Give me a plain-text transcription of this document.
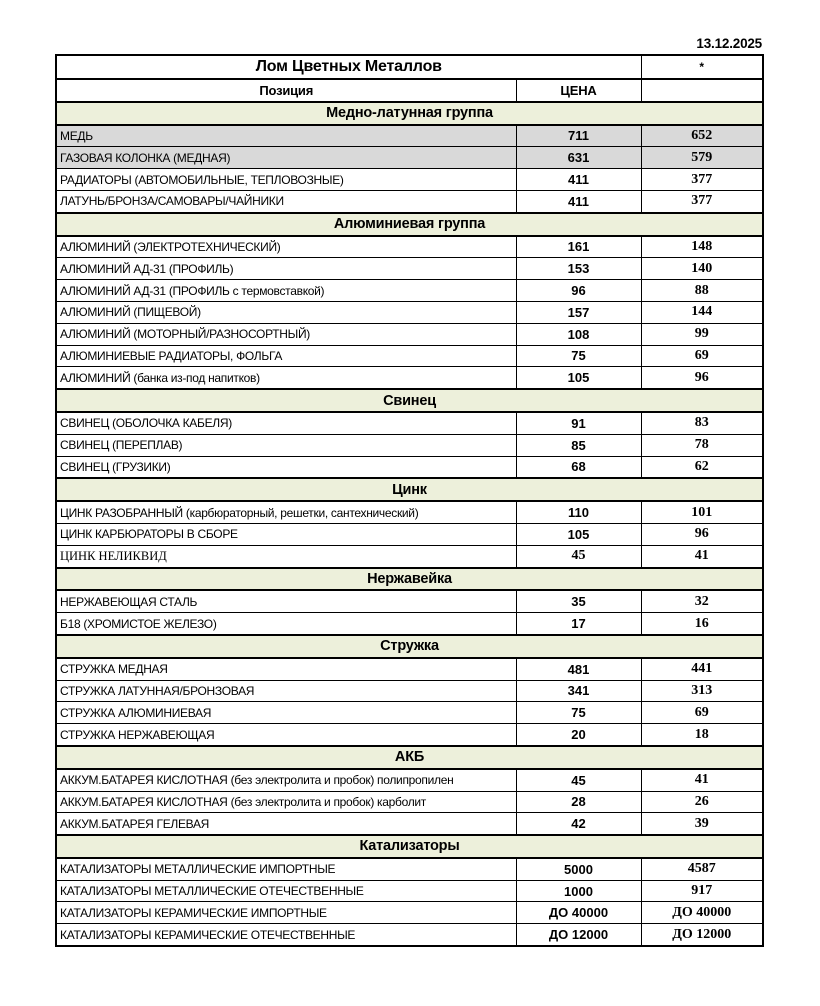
13.12.2025
Лом Цветных Металлов		*
Позиция	ЦЕНА	
Медно-латунная группа		
МЕДЬ	711	652
ГАЗОВАЯ КОЛОНКА (МЕДНАЯ)	631	579
РАДИАТОРЫ (АВТОМОБИЛЬНЫЕ, ТЕПЛОВОЗНЫЕ)	411	377
ЛАТУНЬ/БРОНЗА/САМОВАРЫ/ЧАЙНИКИ	411	377
Алюминиевая группа		
АЛЮМИНИЙ (ЭЛЕКТРОТЕХНИЧЕСКИЙ)	161	148
АЛЮМИНИЙ АД-31 (ПРОФИЛЬ)	153	140
АЛЮМИНИЙ АД-31 (ПРОФИЛЬ с термовставкой)	96	88
АЛЮМИНИЙ (ПИЩЕВОЙ)	157	144
АЛЮМИНИЙ (МОТОРНЫЙ/РАЗНОСОРТНЫЙ)	108	99
АЛЮМИНИЕВЫЕ РАДИАТОРЫ, ФОЛЬГА	75	69
АЛЮМИНИЙ (банка из-под напитков)	105	96
Свинец		
СВИНЕЦ (ОБОЛОЧКА КАБЕЛЯ)	91	83
СВИНЕЦ (ПЕРЕПЛАВ)	85	78
СВИНЕЦ (ГРУЗИКИ)	68	62
Цинк		
ЦИНК РАЗОБРАННЫЙ (карбюраторный, решетки, сантехнический)	110	101
ЦИНК КАРБЮРАТОРЫ В СБОРЕ	105	96
ЦИНК НЕЛИКВИД	45	41
Нержавейка		
НЕРЖАВЕЮЩАЯ СТАЛЬ	35	32
Б18 (ХРОМИСТОЕ ЖЕЛЕЗО)	17	16
Стружка		
СТРУЖКА МЕДНАЯ	481	441
СТРУЖКА ЛАТУННАЯ/БРОНЗОВАЯ	341	313
СТРУЖКА АЛЮМИНИЕВАЯ	75	69
СТРУЖКА НЕРЖАВЕЮЩАЯ	20	18
АКБ		
АККУМ.БАТАРЕЯ КИСЛОТНАЯ (без электролита и пробок) полипропилен	45	41
АККУМ.БАТАРЕЯ КИСЛОТНАЯ (без электролита и пробок) карболит	28	26
АККУМ.БАТАРЕЯ ГЕЛЕВАЯ	42	39
Катализаторы		
КАТАЛИЗАТОРЫ МЕТАЛЛИЧЕСКИЕ ИМПОРТНЫЕ	5000	4587
КАТАЛИЗАТОРЫ МЕТАЛЛИЧЕСКИЕ ОТЕЧЕСТВЕННЫЕ	1000	917
КАТАЛИЗАТОРЫ КЕРАМИЧЕСКИЕ ИМПОРТНЫЕ	ДО 40000	ДО 40000
КАТАЛИЗАТОРЫ КЕРАМИЧЕСКИЕ ОТЕЧЕСТВЕННЫЕ	ДО 12000	ДО 12000
